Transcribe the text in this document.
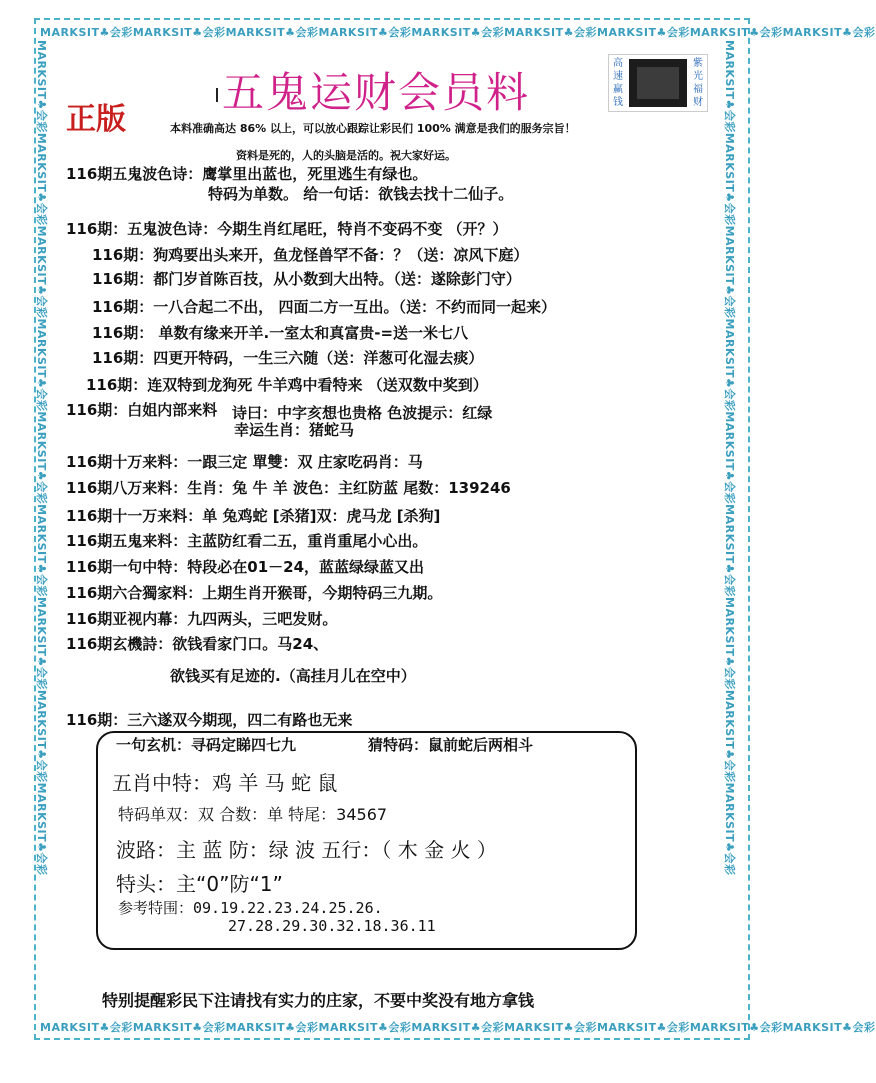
MARKSIT♣会彩MARKSIT♣会彩MARKSIT♣会彩MARKSIT♣会彩MARKSIT♣会彩MARKSIT♣会彩MARKSIT♣会彩MARKSIT♣会彩MARKSIT♣会彩
MARKSIT♣会彩MARKSIT♣会彩MARKSIT♣会彩MARKSIT♣会彩MARKSIT♣会彩MARKSIT♣会彩MARKSIT♣会彩MARKSIT♣会彩MARKSIT♣会彩
MARKSIT♣会彩MARKSIT♣会彩MARKSIT♣会彩MARKSIT♣会彩MARKSIT♣会彩MARKSIT♣会彩MARKSIT♣会彩MARKSIT♣会彩MARKSIT♣会彩	MARKSIT♣会彩MARKSIT♣会彩MARKSIT♣会彩MARKSIT♣会彩MARKSIT♣会彩MARKSIT♣会彩MARKSIT♣会彩MARKSIT♣会彩MARKSIT♣会彩
五鬼运财会员料
正版
高速赢钱
紫光福财
本料准确高达 86% 以上，可以放心跟踪让彩民们 100% 满意是我们的服务宗旨！
资料是死的，人的头脑是活的。祝大家好运。
116期五鬼波色诗：鹰掌里出蓝也，死里逃生有绿也。
特码为单数。 给一句话：欲钱去找十二仙子。
116期：五鬼波色诗：今期生肖红尾旺，特肖不变码不变 （开？）
116期：狗鸡要出头来开，鱼龙怪兽罕不备：？（送：凉风下庭）
116期：都门岁首陈百技，从小数到大出特。（送：遂除彭门守）
116期：一八合起二不出， 四面二方一互出。（送：不约而同一起来）
116期： 单数有缘来开羊.一室太和真富贵-=送一米七八
116期：四更开特码，一生三六随（送：洋葱可化湿去痰）
116期：连双特到龙狗死 牛羊鸡中看特来 （送双数中奖到）
116期：白姐内部来料 诗曰：中字亥想也贵格 色波提示：红绿
幸运生肖：猪蛇马
116期十万来料：一跟三定 單雙：双 庄家吃码肖：马
116期八万来料：生肖：兔 牛 羊 波色：主红防蓝 尾数：139246
116期十一万来料：单 兔鸡蛇 [杀猪]双：虎马龙 [杀狗]
116期五鬼来料：主蓝防红看二五，重肖重尾小心出。
116期一句中特：特段必在01－24，蓝蓝绿绿蓝又出
116期六合獨家料：上期生肖开猴哥，今期特码三九期。
116期亚视内幕：九四两头，三吧发财。
116期玄機詩：欲钱看家门口。马24、
欲钱买有足迹的.（高挂月儿在空中）
116期：三六遂双今期现，四二有路也无来
一句玄机：寻码定睇四七九	猜特码：鼠前蛇后两相斗
五肖中特：鸡 羊 马 蛇 鼠
特码单双：双 合数：单 特尾：34567
波路：主 蓝 防：绿 波 五行：（ 木 金 火 ）
特头：主“0”防“1”
参考特围：09.19.22.23.24.25.26.
27.28.29.30.32.18.36.11
特别提醒彩民下注请找有实力的庄家，不要中奖没有地方拿钱
